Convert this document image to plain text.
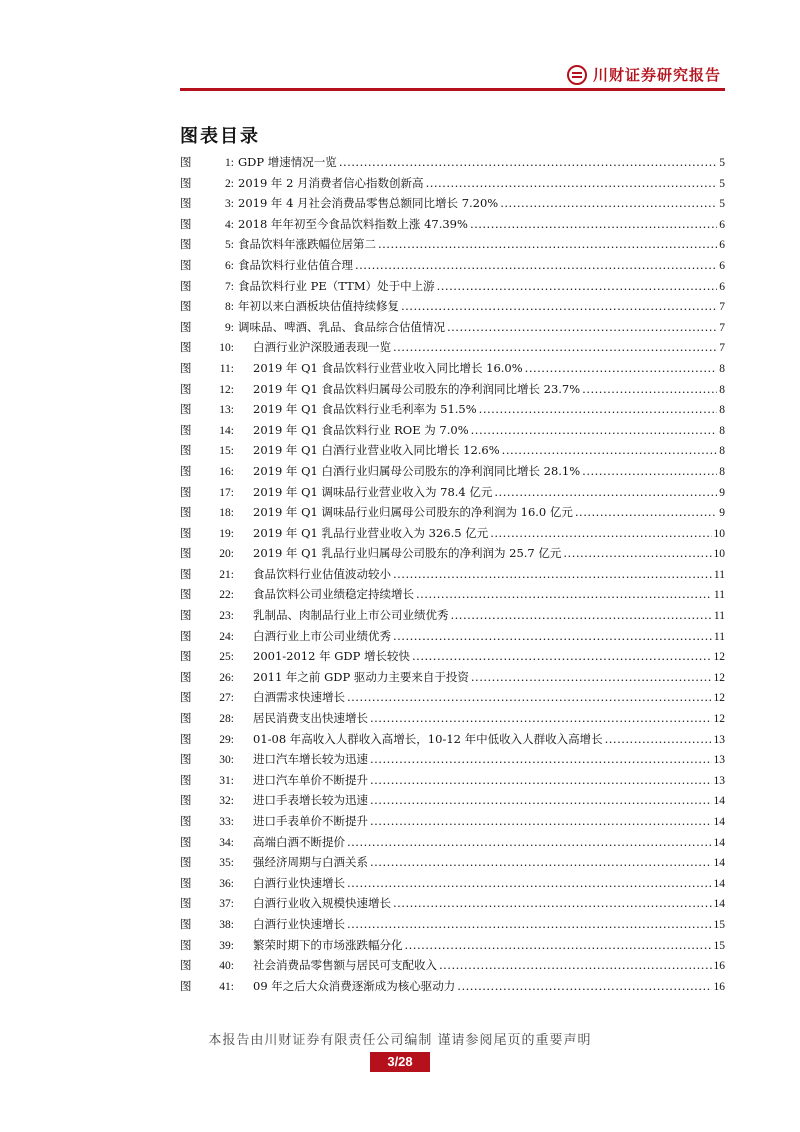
川财证券研究报告
图表目录
图	1: GDP 增速情况一览 .....	5
图	2: 2019 年 2 月消费者信心指数创新高 .....	5
图	3: 2019 年 4 月社会消费品零售总额同比增长 7.20% .....	5
图	4: 2018 年年初至今食品饮料指数上涨 47.39% .....	6
图	5: 食品饮料年涨跌幅位居第二 .....	6
图	6: 食品饮料行业估值合理 .....	6
图	7: 食品饮料行业 PE（TTM）处于中上游 .....	6
图	8: 年初以来白酒板块估值持续修复 .....	7
图	9: 调味品、啤酒、乳品、食品综合估值情况 .....	7
图	10:	白酒行业沪深股通表现一览 .....	7
图	11:	2019 年 Q1 食品饮料行业营业收入同比增长 16.0% .....	8
图	12:	2019 年 Q1 食品饮料归属母公司股东的净利润同比增长 23.7% .....	8
图	13:	2019 年 Q1 食品饮料行业毛利率为 51.5% .....	8
图	14:	2019 年 Q1 食品饮料行业 ROE 为 7.0% .....	8
图	15:	2019 年 Q1 白酒行业营业收入同比增长 12.6% .....	8
图	16:	2019 年 Q1 白酒行业归属母公司股东的净利润同比增长 28.1% .....	8
图	17:	2019 年 Q1 调味品行业营业收入为 78.4 亿元 .....	9
图	18:	2019 年 Q1 调味品行业归属母公司股东的净利润为 16.0 亿元 .....	9
图	19:	2019 年 Q1 乳品行业营业收入为 326.5 亿元 .....	10
图	20:	2019 年 Q1 乳品行业归属母公司股东的净利润为 25.7 亿元 .....	10
图	21:	食品饮料行业估值波动较小 .....	11
图	22:	食品饮料公司业绩稳定持续增长 .....	11
图	23:	乳制品、肉制品行业上市公司业绩优秀 .....	11
图	24:	白酒行业上市公司业绩优秀 .....	11
图	25:	2001-2012 年 GDP 增长较快 .....	12
图	26:	2011 年之前 GDP 驱动力主要来自于投资 .....	12
图	27:	白酒需求快速增长 .....	12
图	28:	居民消费支出快速增长 .....	12
图	29:	01-08 年高收入人群收入高增长，10-12 年中低收入人群收入高增长 .....	13
图	30:	进口汽车增长较为迅速 .....	13
图	31:	进口汽车单价不断提升 .....	13
图	32:	进口手表增长较为迅速 .....	14
图	33:	进口手表单价不断提升 .....	14
图	34:	高端白酒不断提价 .....	14
图	35:	强经济周期与白酒关系 .....	14
图	36:	白酒行业快速增长 .....	14
图	37:	白酒行业收入规模快速增长 .....	14
图	38:	白酒行业快速增长 .....	15
图	39:	繁荣时期下的市场涨跌幅分化 .....	15
图	40:	社会消费品零售额与居民可支配收入 .....	16
图	41:	09 年之后大众消费逐渐成为核心驱动力 .....	16
本报告由川财证券有限责任公司编制 谨请参阅尾页的重要声明
3/28
